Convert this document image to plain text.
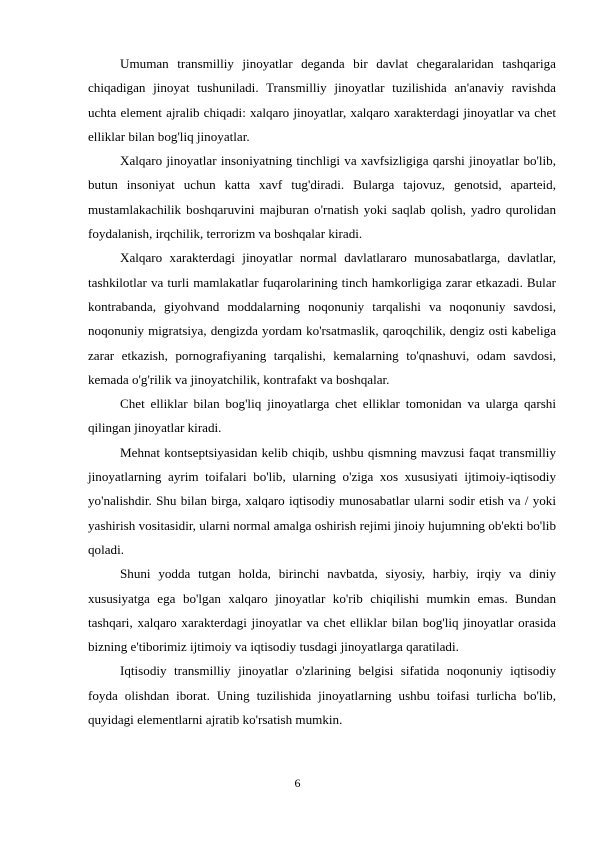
Umuman transmilliy jinoyatlar deganda bir davlat chegaralaridan tashqariga chiqadigan jinoyat tushuniladi. Transmilliy jinoyatlar tuzilishida an'anaviy ravishda uchta element ajralib chiqadi: xalqaro jinoyatlar, xalqaro xarakterdagi jinoyatlar va chet elliklar bilan bog'liq jinoyatlar.

Xalqaro jinoyatlar insoniyatning tinchligi va xavfsizligiga qarshi jinoyatlar bo'lib, butun insoniyat uchun katta xavf tug'diradi. Bularga tajovuz, genotsid, aparteid, mustamlakachilik boshqaruvini majburan o'rnatish yoki saqlab qolish, yadro qurolidan foydalanish, irqchilik, terrorizm va boshqalar kiradi.

Xalqaro xarakterdagi jinoyatlar normal davlatlararo munosabatlarga, davlatlar, tashkilotlar va turli mamlakatlar fuqarolarining tinch hamkorligiga zarar etkazadi. Bular kontrabanda, giyohvand moddalarning noqonuniy tarqalishi va noqonuniy savdosi, noqonuniy migratsiya, dengizda yordam ko'rsatmaslik, qaroqchilik, dengiz osti kabeliga zarar etkazish, pornografiyaning tarqalishi, kemalarning to'qnashuvi, odam savdosi, kemada o'g'rilik va jinoyatchilik, kontrafakt va boshqalar.

Chet elliklar bilan bog'liq jinoyatlarga chet elliklar tomonidan va ularga qarshi qilingan jinoyatlar kiradi.

Mehnat kontseptsiyasidan kelib chiqib, ushbu qismning mavzusi faqat transmilliy jinoyatlarning ayrim toifalari bo'lib, ularning o'ziga xos xususiyati ijtimoiy-iqtisodiy yo'nalishdir. Shu bilan birga, xalqaro iqtisodiy munosabatlar ularni sodir etish va / yoki yashirish vositasidir, ularni normal amalga oshirish rejimi jinoiy hujumning ob'ekti bo'lib qoladi.

Shuni yodda tutgan holda, birinchi navbatda, siyosiy, harbiy, irqiy va diniy xususiyatga ega bo'lgan xalqaro jinoyatlar ko'rib chiqilishi mumkin emas. Bundan tashqari, xalqaro xarakterdagi jinoyatlar va chet elliklar bilan bog'liq jinoyatlar orasida bizning e'tiborimiz ijtimoiy va iqtisodiy tusdagi jinoyatlarga qaratiladi.

Iqtisodiy transmilliy jinoyatlar o'zlarining belgisi sifatida noqonuniy iqtisodiy foyda olishdan iborat. Uning tuzilishida jinoyatlarning ushbu toifasi turlicha bo'lib, quyidagi elementlarni ajratib ko'rsatish mumkin.

6
